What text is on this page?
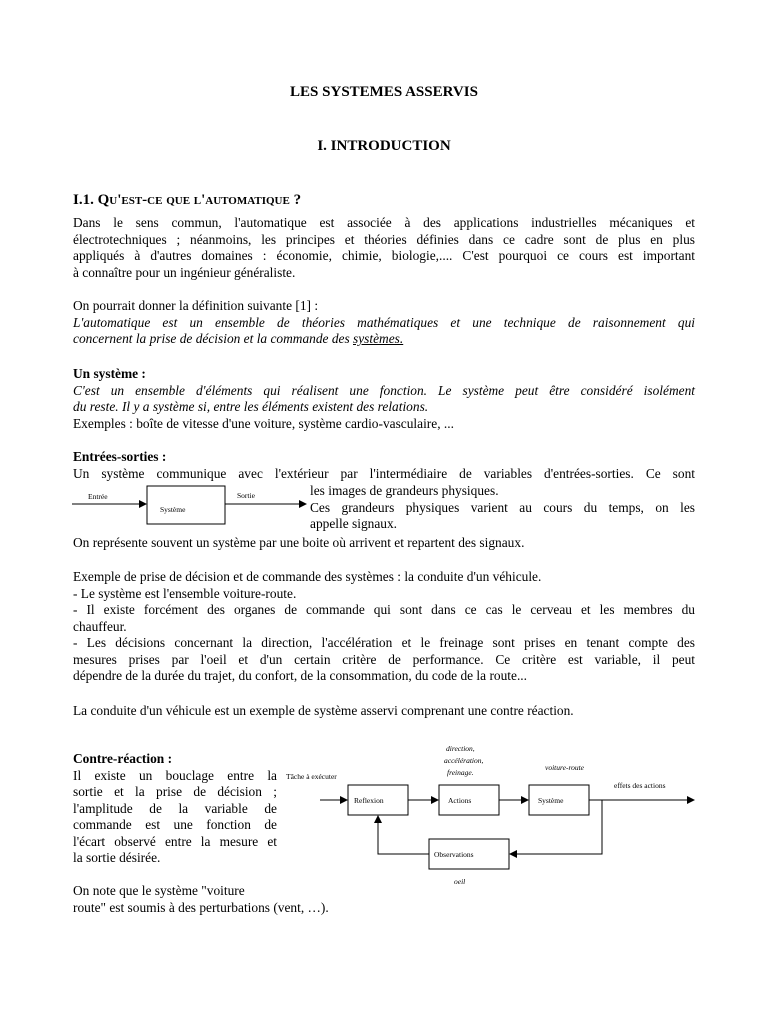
LES SYSTEMES ASSERVIS
I. INTRODUCTION
I.1. Qu'est-ce que l'automatique ?
Dans le sens commun, l'automatique est associée à des applications industrielles mécaniques et
électrotechniques ; néanmoins, les principes et théories définies dans ce cadre sont de plus en plus
appliqués à d'autres domaines : économie, chimie, biologie,.... C'est pourquoi ce cours est important
à connaître pour un ingénieur généraliste.
On pourrait donner la définition suivante [1] :
L'automatique est un ensemble de théories mathématiques et une technique de raisonnement qui
concernent la prise de décision et la commande des systèmes.
Un système :
C'est un ensemble d'éléments qui réalisent une fonction. Le système peut être considéré isolément
du reste. Il y a système si, entre les éléments existent des relations.
Exemples : boîte de vitesse d'une voiture, système cardio-vasculaire, ...
Entrées-sorties :
Un système communique avec l'extérieur par l'intermédiaire de variables d'entrées-sorties. Ce sont
les images de grandeurs physiques.
Ces grandeurs physiques varient au cours du temps, on les
appelle signaux.
Entrée	Sortie
Système
On représente souvent un système par une boite où arrivent et repartent des signaux.
Exemple de prise de décision et de commande des systèmes : la conduite d'un véhicule.
- Le système est l'ensemble voiture-route.
- Il existe forcément des organes de commande qui sont dans ce cas le cerveau et les membres du
chauffeur.
- Les décisions concernant la direction, l'accélération et le freinage sont prises en tenant compte des
mesures prises par l'oeil et d'un certain critère de performance. Ce critère est variable, il peut
dépendre de la durée du trajet, du confort, de la consommation, du code de la route...
La conduite d'un véhicule est un exemple de système asservi comprenant une contre réaction.
Contre-réaction :
Il existe un bouclage entre la
sortie et la prise de décision ;
l'amplitude de la variable de
commande est une fonction de
l'écart observé entre la mesure et
la sortie désirée.
On note que le système "voiture
route" est soumis à des perturbations (vent, …).
direction,
accélération,
freinage.
voiture-route
Tâche à exécuter
effets des actions
Reflexion	Actions	Système
Observations
oeil
